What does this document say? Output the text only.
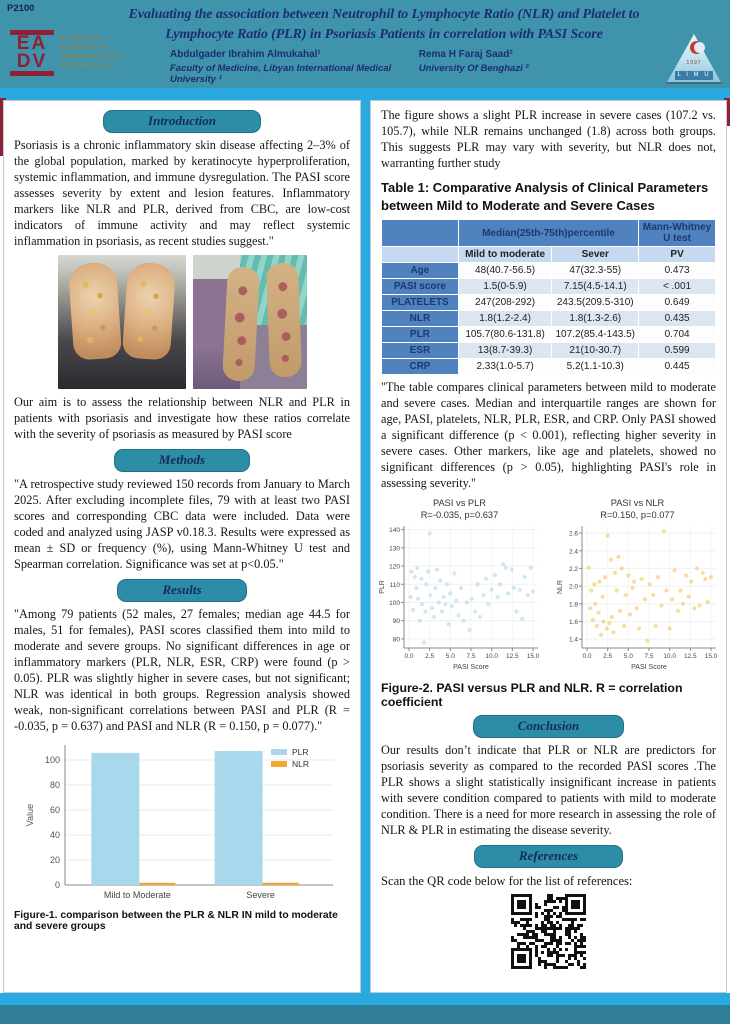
P2100	Evaluating the association between Neutrophil to Lymphocyte Ratio (NLR) and Platelet to Lymphocyte Ratio (PLR) in Psoriasis Patients in correlation with PASI Score
Abdulgader Ibrahim Almukahal¹
Faculty of Medicine, Libyan International Medical University ¹
Rema H Faraj Saad²
University Of Benghazi ²
EA
DV
EUROPEAN ACADEMY OF DERMATOLOGY & VENEREOLOGY	1997
L I M U
Introduction

Psoriasis is a chronic inflammatory skin disease affecting 2–3% of the global population, marked by keratinocyte hyperproliferation, systemic inflammation, and immune dysregulation. The PASI score assesses severity by extent and lesion features. Inflammatory markers like NLR and PLR, derived from CBC, are low-cost indicators of immune activity and may reflect systemic inflammation in psoriasis, as recent studies suggest."

Our aim is to assess the relationship between NLR and PLR in patients with psoriasis and investigate how these ratios correlate with the severity of psoriasis as measured by PASI score

Methods

"A retrospective study reviewed 150 records from January to March 2025. After excluding incomplete files, 79 with at least two PASI scores and corresponding CBC data were included. Data were coded and analyzed using JASP v0.18.3. Results were expressed as mean ± SD or frequency (%), using Mann-Whitney U test and Spearman correlation. Significance was set at p<0.05."

Results

"Among 79 patients (52 males, 27 females; median age 44.5 for males, 51 for females), PASI scores classified them into mild to moderate and severe groups. No significant differences in age or inflammatory markers (PLR, NLR, ESR, CRP) were found (p > 0.05). PLR was slightly higher in severe cases, but not significant; NLR was identical in both groups. Regression analysis showed weak, non-significant correlations between PASI and PLR (R = -0.035, p = 0.637) and PASI and NLR (R = 0.150, p = 0.077)."

0
20
40
60
80
100
Value
Mild to Moderate	Severe
PLR
NLR
Figure-1. comparison between the PLR & NLR IN mild to moderate and severe groups

The figure shows a slight PLR increase in severe cases (107.2 vs. 105.7), while NLR remains unchanged (1.8) across both groups. This suggests PLR may vary with severity, but NLR does not, warranting further study

Table 1: Comparative Analysis of Clinical Parameters between Mild to Moderate and Severe Cases
	Median(25th-75th)percentile		Mann-Whitney U test
	Mild to moderate	Sever	PV
Age	48(40.7-56.5)	47(32.3-55)	0.473
PASI score	1.5(0-5.9)	7.15(4.5-14.1)	< .001
PLATELETS	247(208-292)	243.5(209.5-310)	0.649
NLR	1.8(1.2-2.4)	1.8(1.3-2.6)	0.435
PLR	105.7(80.6-131.8)	107.2(85.4-143.5)	0.704
ESR	13(8.7-39.3)	21(10-30.7)	0.599
CRP	2.33(1.0-5.7)	5.2(1.1-10.3)	0.445

"The table compares clinical parameters between mild to moderate and severe cases. Median and interquartile ranges are shown for age, PASI, platelets, NLR, PLR, ESR, and CRP. Only PASI showed a significant difference (p < 0.001), reflecting higher severity in severe cases. Other markers, like age and platelets, showed no significant differences (p > 0.05), highlighting PASI's role in assessing severity."

PASI vs PLR
R=-0.035, p=0.637
80
90
100
110
120
130
140
0.0 2.5 5.0 7.5 10.0 12.5 15.0
PASI Score
PLR
PASI vs NLR
R=0.150, p=0.077
1.4
1.6
1.8
2.0
2.2
2.4
2.6
0.0 2.5 5.0 7.5 10.0 12.5 15.0
PASI Score
NLR
Figure-2. PASI versus PLR and NLR. R = correlation coefficient
Conclusion

Our results don’t indicate that PLR or NLR are predictors for psoriasis severity as compared to the recorded PASI scores .The PLR shows a slight statistically insignificant increase in patients with severe condition compared to patients with mild to moderate condition. There is a need for more research in assessing the role of NLR & PLR in estimating the disease severity.

References

Scan the QR code below for the list of references:
